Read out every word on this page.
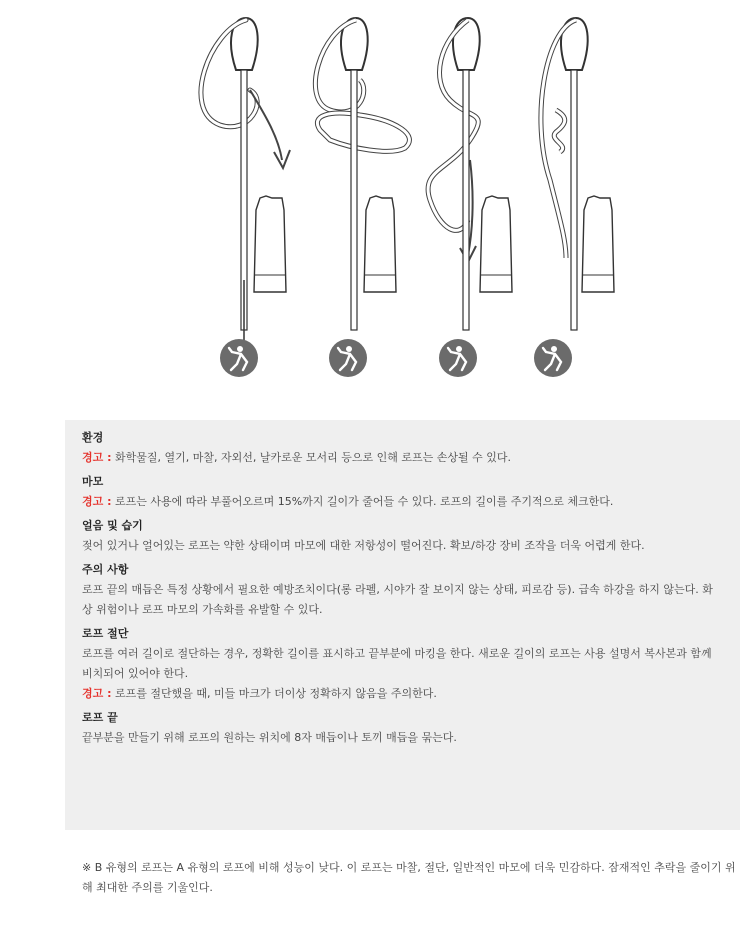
환경

경고 : 화학물질, 열기, 마찰, 자외선, 날카로운 모서리 등으로 인해 로프는 손상될 수 있다.

마모

경고 : 로프는 사용에 따라 부풀어오르며 15%까지 길이가 줄어들 수 있다. 로프의 길이를 주기적으로 체크한다.

얼음 및 습기

젖어 있거나 얼어있는 로프는 약한 상태이며 마모에 대한 저항성이 떨어진다. 확보/하강 장비 조작을 더욱 어렵게 한다.

주의 사항

로프 끝의 매듭은 특정 상황에서 필요한 예방조치이다(롱 라펠, 시야가 잘 보이지 않는 상태, 피로감 등). 급속 하강을 하지 않는다. 화상 위험이나 로프 마모의 가속화를 유발할 수 있다.

로프 절단

로프를 여러 길이로 절단하는 경우, 정확한 길이를 표시하고 끝부분에 마킹을 한다. 새로운 길이의 로프는 사용 설명서 복사본과 함께 비치되어 있어야 한다.

경고 : 로프를 절단했을 때, 미들 마크가 더이상 정확하지 않음을 주의한다.

로프 끝

끝부분을 만들기 위해 로프의 원하는 위치에 8자 매듭이나 토끼 매듭을 묶는다.

※ B 유형의 로프는 A 유형의 로프에 비해 성능이 낮다. 이 로프는 마찰, 절단, 일반적인 마모에 더욱 민감하다. 잠재적인 추락을 줄이기 위해 최대한 주의를 기울인다.
